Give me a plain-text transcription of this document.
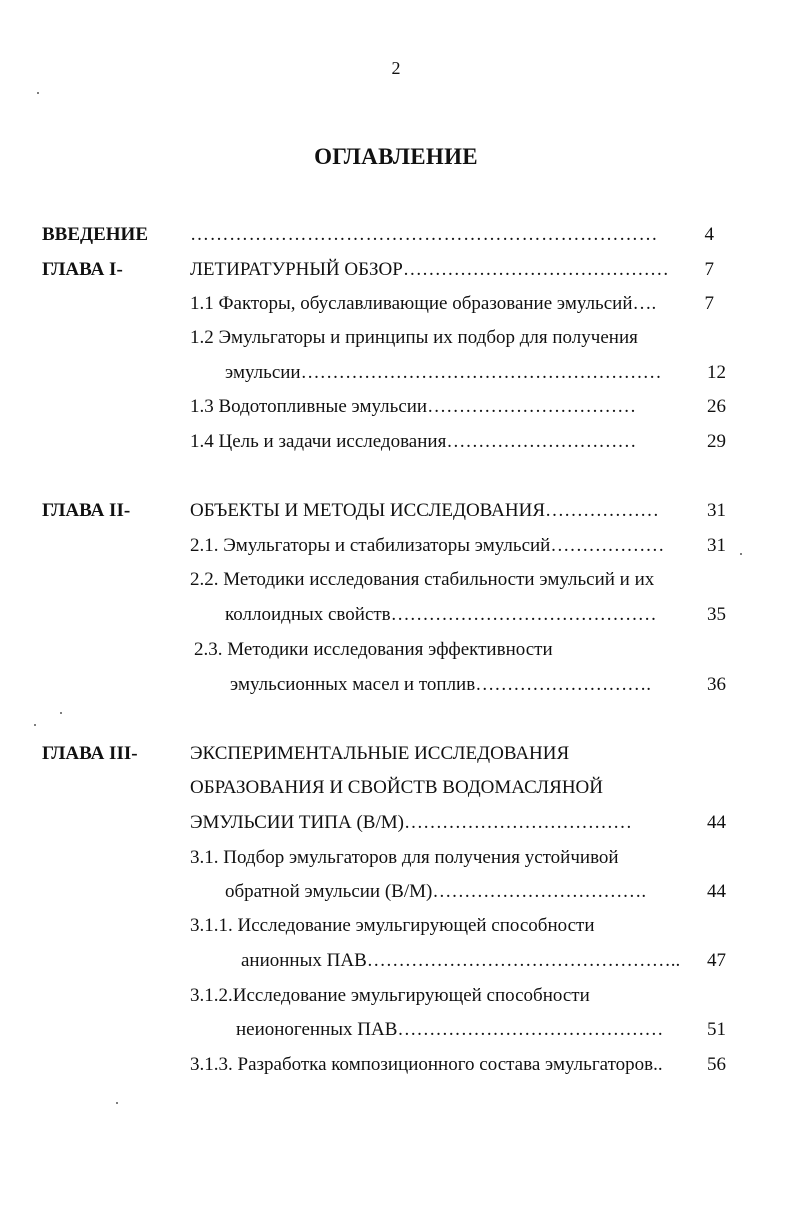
2
ОГЛАВЛЕНИЕ
ВВЕДЕНИЕ ………………………………………………………………	4
ГЛАВА I-	ЛЕТИРАТУРНЫЙ ОБЗОР……………………………………	7
1.1 Факторы, обуславливающие образование эмульсий….	7
1.2 Эмульгаторы и принципы их подбор для получения
эмульсии…………………………………………………	12
1.3 Водотопливные эмульсии……………………………	26
1.4 Цель и задачи исследования…………………………	29
ГЛАВА II-	ОБЪЕКТЫ И МЕТОДЫ ИССЛЕДОВАНИЯ………………	31
2.1. Эмульгаторы и стабилизаторы эмульсий………………	31
2.2. Методики исследования стабильности эмульсий и их
коллоидных свойств……………………………………	35
2.3. Методики исследования эффективности
эмульсионных масел и топлив……………………….	36
ГЛАВА III-	ЭКСПЕРИМЕНТАЛЬНЫЕ ИССЛЕДОВАНИЯ
ОБРАЗОВАНИЯ И СВОЙСТВ ВОДОМАСЛЯНОЙ
ЭМУЛЬСИИ ТИПА (В/М)………………………………	44
3.1. Подбор эмульгаторов для получения устойчивой
обратной эмульсии (В/М)…………………………….	44
3.1.1. Исследование эмульгирующей способности
анионных ПАВ…………………………………………..	47
3.1.2.Исследование эмульгирующей способности
неионогенных ПАВ……………………………………	51
3.1.3. Разработка композиционного состава эмульгаторов..	56
